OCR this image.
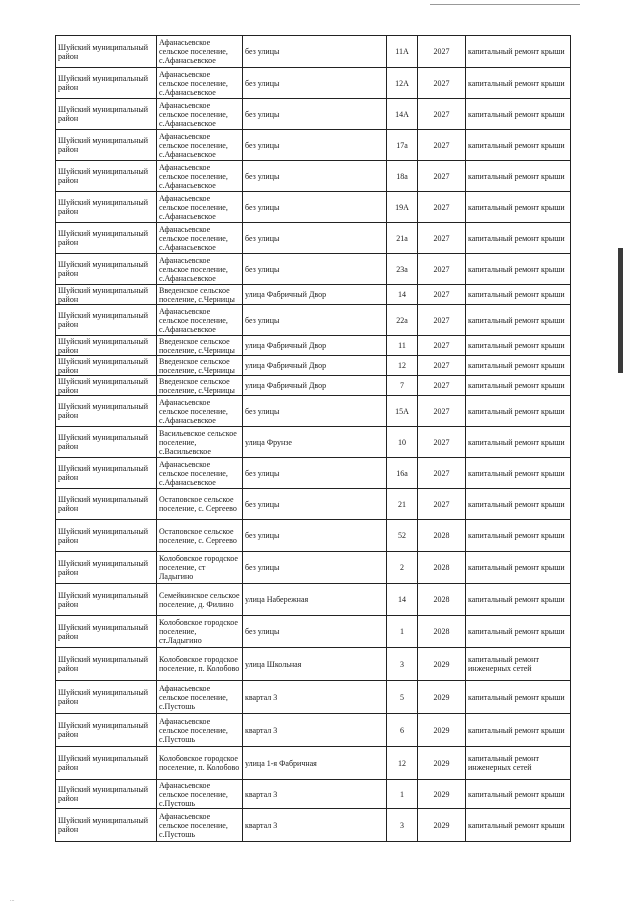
Шуйский муниципальный район	Афанасьевское сельское поселение, с.Афанасьевское	без улицы	11А	2027	капитальный ремонт крыши
Шуйский муниципальный район	Афанасьевское сельское поселение, с.Афанасьевское	без улицы	12А	2027	капитальный ремонт крыши
Шуйский муниципальный район	Афанасьевское сельское поселение, с.Афанасьевское	без улицы	14А	2027	капитальный ремонт крыши
Шуйский муниципальный район	Афанасьевское сельское поселение, с.Афанасьевское	без улицы	17а	2027	капитальный ремонт крыши
Шуйский муниципальный район	Афанасьевское сельское поселение, с.Афанасьевское	без улицы	18а	2027	капитальный ремонт крыши
Шуйский муниципальный район	Афанасьевское сельское поселение, с.Афанасьевское	без улицы	19А	2027	капитальный ремонт крыши
Шуйский муниципальный район	Афанасьевское сельское поселение, с.Афанасьевское	без улицы	21а	2027	капитальный ремонт крыши
Шуйский муниципальный район	Афанасьевское сельское поселение, с.Афанасьевское	без улицы	23а	2027	капитальный ремонт крыши
Шуйский муниципальный район	Введенское сельское поселение, с.Черницы	улица Фабричный Двор	14	2027	капитальный ремонт крыши
Шуйский муниципальный район	Афанасьевское сельское поселение, с.Афанасьевское	без улицы	22а	2027	капитальный ремонт крыши
Шуйский муниципальный район	Введенское сельское поселение, с.Черницы	улица Фабричный Двор	11	2027	капитальный ремонт крыши
Шуйский муниципальный район	Введенское сельское поселение, с.Черницы	улица Фабричный Двор	12	2027	капитальный ремонт крыши
Шуйский муниципальный район	Введенское сельское поселение, с.Черницы	улица Фабричный Двор	7	2027	капитальный ремонт крыши
Шуйский муниципальный район	Афанасьевское сельское поселение, с.Афанасьевское	без улицы	15А	2027	капитальный ремонт крыши
Шуйский муниципальный район	Васильевское сельское поселение, с.Васильевское	улица Фрунзе	10	2027	капитальный ремонт крыши
Шуйский муниципальный район	Афанасьевское сельское поселение, с.Афанасьевское	без улицы	16а	2027	капитальный ремонт крыши
Шуйский муниципальный район	Остаповское сельское поселение, с. Сергеево	без улицы	21	2027	капитальный ремонт крыши
Шуйский муниципальный район	Остаповское сельское поселение, с. Сергеево	без улицы	52	2028	капитальный ремонт крыши
Шуйский муниципальный район	Колобовское городское поселение, ст Ладыгино	без улицы	2	2028	капитальный ремонт крыши
Шуйский муниципальный район	Семейкинское сельское поселение, д. Филино	улица Набережная	14	2028	капитальный ремонт крыши
Шуйский муниципальный район	Колобовское городское поселение, ст.Ладыгино	без улицы	1	2028	капитальный ремонт крыши
Шуйский муниципальный район	Колобовское городское поселение, п. Колобово	улица Школьная	3	2029	капитальный ремонт инженерных сетей
Шуйский муниципальный район	Афанасьевское сельское поселение, с.Пустошь	квартал 3	5	2029	капитальный ремонт крыши
Шуйский муниципальный район	Афанасьевское сельское поселение, с.Пустошь	квартал 3	6	2029	капитальный ремонт крыши
Шуйский муниципальный район	Колобовское городское поселение, п. Колобово	улица 1-я Фабричная	12	2029	капитальный ремонт инженерных сетей
Шуйский муниципальный район	Афанасьевское сельское поселение, с.Пустошь	квартал 3	1	2029	капитальный ремонт крыши
Шуйский муниципальный район	Афанасьевское сельское поселение, с.Пустошь	квартал 3	3	2029	капитальный ремонт крыши
...
